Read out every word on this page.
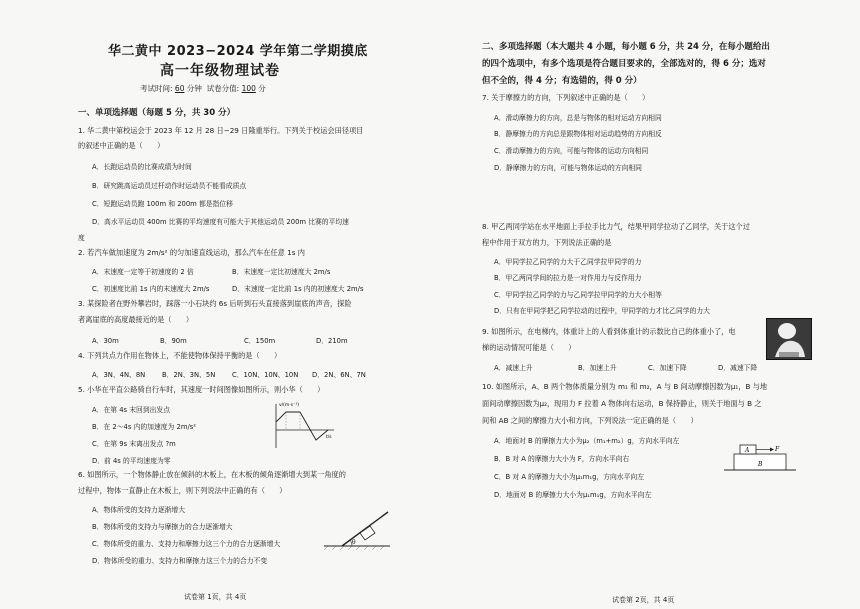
华二黄中 2023−2024 学年第二学期摸底
高一年级物理试卷
考试时间: 60 分钟 试卷分值: 100 分
一、单项选择题（每题 5 分，共 30 分）
1. 华二黄中第校运会于 2023 年 12 月 28 日−29 日隆重举行。下列关于校运会田径项目
的叙述中正确的是（　　）
A．长跑运动员的比赛成绩为时间
B．研究跳高运动员过杆动作时运动员不能看成质点
C．短跑运动员跑 100m 和 200m 都是指位移
D．高水平运动员 400m 比赛的平均速度有可能大于其他运动员 200m 比赛的平均速
度
2. 若汽车做加速度为 2m/s² 的匀加速直线运动，那么汽车在任意 1s 内
A．末速度一定等于初速度的 2 倍	B．末速度一定比初速度大 2m/s
C．初速度比前 1s 内的末速度大 2m/s	D．末速度一定比前 1s 内的初速度大 2m/s
3. 某探险者在野外攀岩时，踩落一小石块约 6s 后听到石头直接落到崖底的声音，探险
者离崖底的高度最接近的是（　　）
A．30m	B．90m	C．150m	D．210m
4. 下列共点力作用在物体上，不能使物体保持平衡的是（　　）
A．3N、4N、8N B．2N、3N、5N C．10N、10N、10N D．2N、6N、7N
5. 小华在平直公路骑自行车时，其速度一时间图像如图所示，则小华（　　）
A．在第 4s 末回到出发点
B．在 2～4s 内的加速度为 2m/s²
C．在第 9s 末离出发点 ?m
D．前 4s 的平均速度为零
v/(m·s⁻¹)
t/s
6. 如图所示，一个物体静止放在倾斜的木板上，在木板的倾角逐渐增大到某一角度的
过程中，物体一直静止在木板上，则下列说法中正确的有（　　）
A．物体所受的支持力逐渐增大
B．物体所受的支持力与摩擦力的合力逐渐增大
C．物体所受的重力、支持力和摩擦力这三个力的合力逐渐增大
D．物体所受的重力、支持力和摩擦力这三个力的合力不变
θ
试卷第 1页，共 4页
二、多项选择题（本大题共 4 小题，每小题 6 分，共 24 分，在每小题给出
的四个选项中，有多个选项是符合题目要求的，全部选对的，得 6 分；选对
但不全的，得 4 分；有选错的，得 0 分）
7. 关于摩擦力的方向，下列叙述中正确的是（　　）
A．滑动摩擦力的方向，总是与物体的相对运动方向相同
B．静摩擦力的方向总是跟物体相对运动趋势的方向相反
C．滑动摩擦力的方向，可能与物体的运动方向相同
D．静摩擦力的方向，可能与物体运动的方向相同
8. 甲乙两同学站在水平地面上手拉手比力气，结果甲同学拉动了乙同学，关于这个过
程中作用于双方的力，下列说法正确的是
A．甲同学拉乙同学的力大于乙同学拉甲同学的力
B．甲乙两同学间的拉力是一对作用力与反作用力
C．甲同学拉乙同学的力与乙同学拉甲同学的力大小相等
D．只有在甲同学把乙同学拉动的过程中，甲同学的力才比乙同学的力大
9. 如图所示，在电梯内，体重计上的人看到体重计的示数比自己的体重小了，电
梯的运动情况可能是（　　）
A．减速上升	B．加速上升	C．加速下降	D．减速下降
10. 如图所示，A、B 两个物体质量分别为 m₁ 和 m₂，A 与 B 间动摩擦因数为μ₁，B 与地
面间动摩擦因数为μ₂，现用力 F 拉着 A 物体向右运动，B 保持静止，则关于地面与 B 之
间和 AB 之间的摩擦力大小和方向，下列说法一定正确的是（　　）
A．地面对 B 的摩擦力大小为μ₂（m₁+m₂）g，方向水平向左
B．B 对 A 的摩擦力大小为 F，方向水平向右
C．B 对 A 的摩擦力大小为μ₁m₁g，方向水平向左
D．地面对 B 的摩擦力大小为μ₁m₁g，方向水平向左
A
B
F
试卷第 2页，共 4页
